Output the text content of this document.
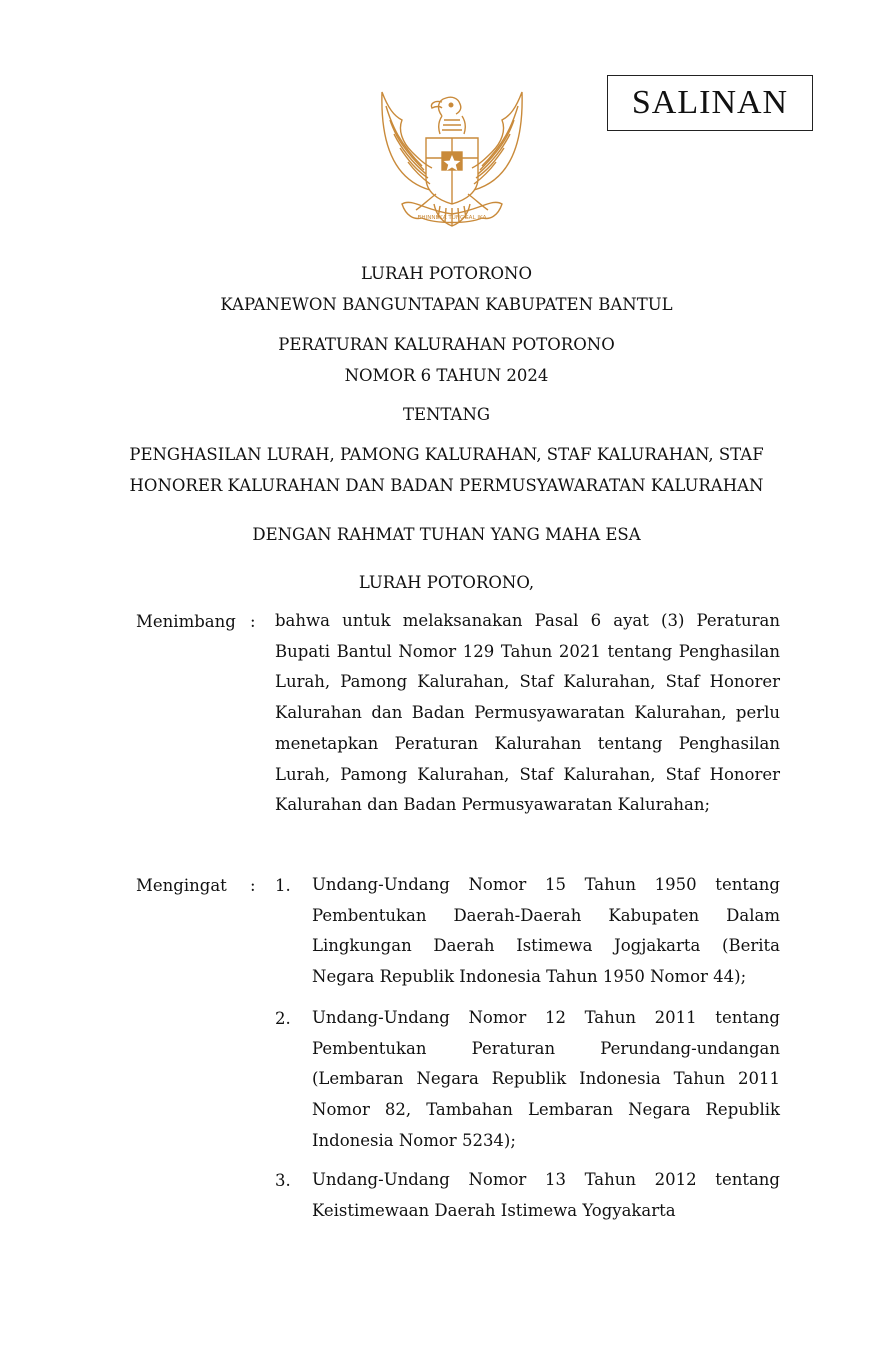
SALINAN
BHINNEKA TUNGGAL IKA
LURAH POTORONO
KAPANEWON BANGUNTAPAN KABUPATEN BANTUL
PERATURAN KALURAHAN POTORONO
NOMOR 6 TAHUN 2024
TENTANG
PENGHASILAN LURAH, PAMONG KALURAHAN, STAF KALURAHAN, STAF
HONORER KALURAHAN DAN BADAN PERMUSYAWARATAN KALURAHAN
DENGAN RAHMAT TUHAN YANG MAHA ESA
LURAH POTORONO,
Menimbang : bahwa untuk melaksanakan Pasal 6 ayat (3) Peraturan Bupati Bantul Nomor 129 Tahun 2021 tentang Penghasilan Lurah, Pamong Kalurahan, Staf Kalurahan, Staf Honorer Kalurahan dan Badan Permusyawaratan Kalurahan, perlu menetapkan Peraturan Kalurahan tentang Penghasilan Lurah, Pamong Kalurahan, Staf Kalurahan, Staf Honorer Kalurahan dan Badan Permusyawaratan Kalurahan;
Mengingat : 1. Undang-Undang Nomor 15 Tahun 1950 tentang Pembentukan Daerah-Daerah Kabupaten Dalam Lingkungan Daerah Istimewa Jogjakarta (Berita Negara Republik Indonesia Tahun 1950 Nomor 44);
2. Undang-Undang Nomor 12 Tahun 2011 tentang Pembentukan Peraturan Perundang-undangan (Lembaran Negara Republik Indonesia Tahun 2011 Nomor 82, Tambahan Lembaran Negara Republik Indonesia Nomor 5234);
3. Undang-Undang Nomor 13 Tahun 2012 tentang Keistimewaan Daerah Istimewa Yogyakarta
